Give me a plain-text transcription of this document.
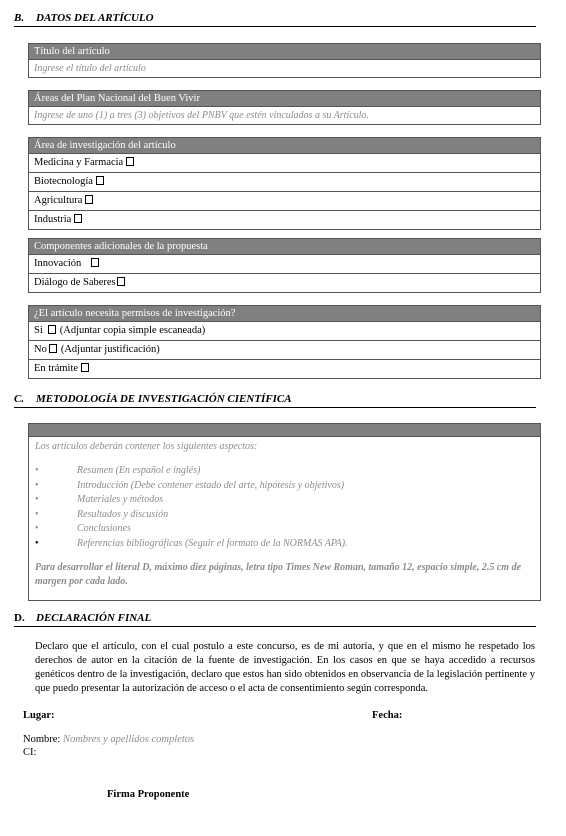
B. DATOS DEL ARTÍCULO
Título del artículo
Ingrese el título del artículo
Áreas del Plan Nacional del Buen Vivir
Ingrese de uno (1) a tres (3) objetivos del PNBV que estén vinculados a su Artículo.
Área de investigación del artículo
Medicina y Farmacia
Biotecnología
Agricultura
Industria
Componentes adicionales de la propuesta
Innovación
Diálogo de Saberes
¿El artículo necesita permisos de investigación?
Si (Adjuntar copia simple escaneada)
No (Adjuntar justificación)
En trámite
C. METODOLOGÍA DE INVESTIGACIÓN CIENTÍFICA
Los artículos deberán contener los siguientes aspectos:
•	Resumen (En español e inglés)
•	Introducción (Debe contener estado del arte, hipótesis y objetivos)
•	Materiales y métodos
•	Resultados y discusión
•	Conclusiones
•	Referencias bibliográficas (Seguir el formato de la NORMAS APA).
Para desarrollar el literal D, máximo diez páginas, letra tipo Times New Roman, tamaño 12, espacio simple, 2.5 cm de margen por cada lado.
D. DECLARACIÓN FINAL
Declaro que el artículo, con el cual postulo a este concurso, es de mi autoría, y que en el mismo he respetado los derechos de autor en la citación de la fuente de investigación. En los casos en que se haya accedido a recursos genéticos dentro de la investigación, declaro que estos han sido obtenidos en observancia de la legislación pertinente y que puedo presentar la autorización de acceso o el acta de consentimiento según corresponda.
Lugar:	Fecha:
Nombre: Nombres y apellidos completos
CI:
Firma Proponente
